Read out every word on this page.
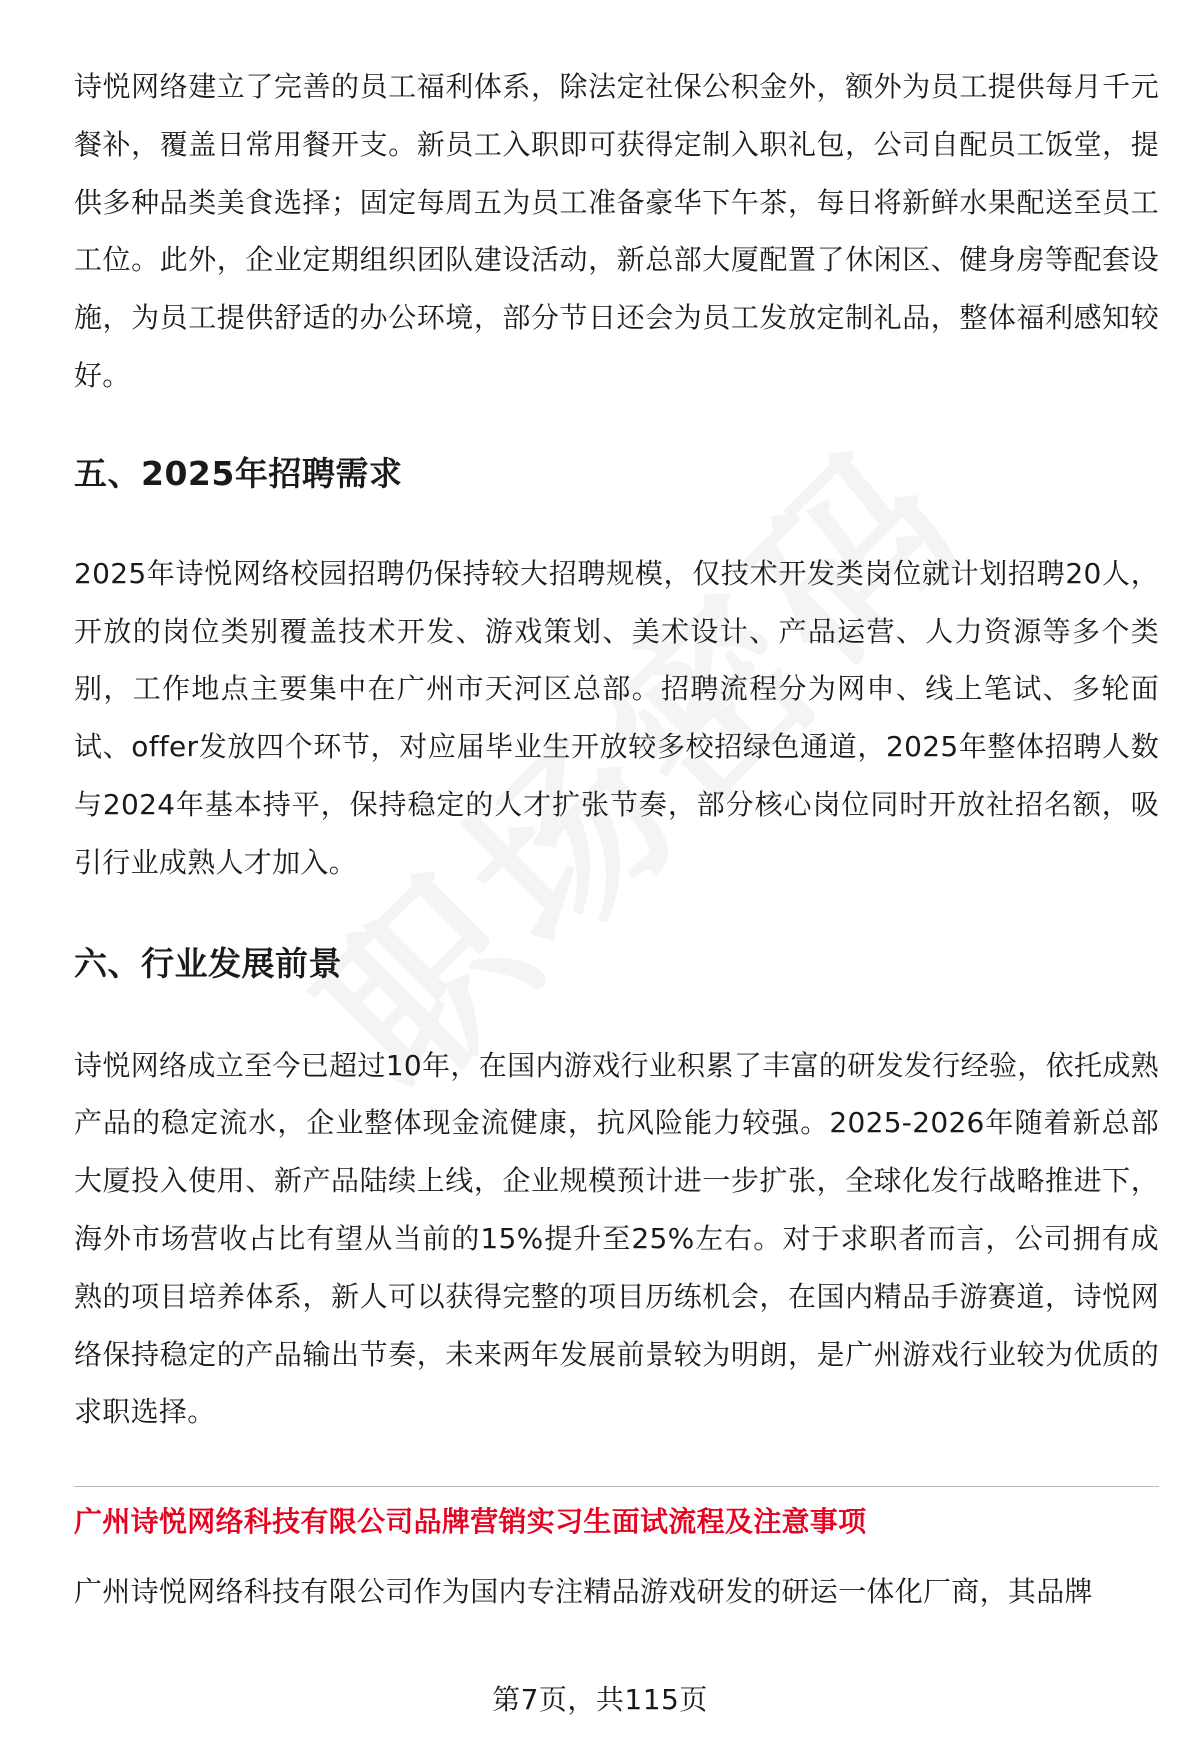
诗悦网络建立了完善的员工福利体系，除法定社保公积金外，额外为员工提供每月千元餐补，覆盖日常用餐开支。新员工入职即可获得定制入职礼包，公司自配员工饭堂，提供多种品类美食选择；固定每周五为员工准备豪华下午茶，每日将新鲜水果配送至员工工位。此外，企业定期组织团队建设活动，新总部大厦配置了休闲区、健身房等配套设施，为员工提供舒适的办公环境，部分节日还会为员工发放定制礼品，整体福利感知较好。

五、2025年招聘需求

2025年诗悦网络校园招聘仍保持较大招聘规模，仅技术开发类岗位就计划招聘20人，开放的岗位类别覆盖技术开发、游戏策划、美术设计、产品运营、人力资源等多个类别，工作地点主要集中在广州市天河区总部。招聘流程分为网申、线上笔试、多轮面试、offer发放四个环节，对应届毕业生开放较多校招绿色通道，2025年整体招聘人数与2024年基本持平，保持稳定的人才扩张节奏，部分核心岗位同时开放社招名额，吸引行业成熟人才加入。

六、行业发展前景

诗悦网络成立至今已超过10年，在国内游戏行业积累了丰富的研发发行经验，依托成熟产品的稳定流水，企业整体现金流健康，抗风险能力较强。2025-2026年随着新总部大厦投入使用、新产品陆续上线，企业规模预计进一步扩张，全球化发行战略推进下，海外市场营收占比有望从当前的15%提升至25%左右。对于求职者而言，公司拥有成熟的项目培养体系，新人可以获得完整的项目历练机会，在国内精品手游赛道，诗悦网络保持稳定的产品输出节奏，未来两年发展前景较为明朗，是广州游戏行业较为优质的求职选择。

广州诗悦网络科技有限公司品牌营销实习生面试流程及注意事项

广州诗悦网络科技有限公司作为国内专注精品游戏研发的研运一体化厂商，其品牌

第7页，共115页
